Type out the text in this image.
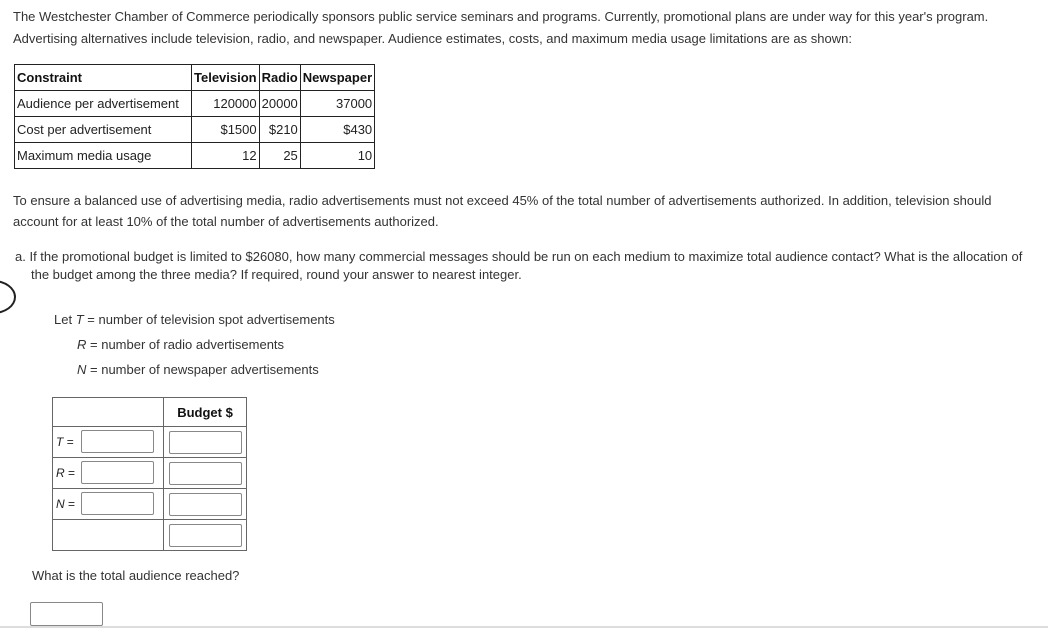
The Westchester Chamber of Commerce periodically sponsors public service seminars and programs. Currently, promotional plans are under way for this year's program. Advertising alternatives include television, radio, and newspaper. Audience estimates, costs, and maximum media usage limitations are as shown:

Constraint	Television	Radio	Newspaper
Audience per advertisement	120000	20000	37000
Cost per advertisement	$1500	$210	$430
Maximum media usage	12	25	10

To ensure a balanced use of advertising media, radio advertisements must not exceed 45% of the total number of advertisements authorized. In addition, television should account for at least 10% of the total number of advertisements authorized.

a. If the promotional budget is limited to $26080, how many commercial messages should be run on each medium to maximize total audience contact? What is the allocation of the budget among the three media? If required, round your answer to nearest integer.

Let T = number of television spot advertisements
R = number of radio advertisements
N = number of newspaper advertisements
	Budget $

T =

R =

N =

What is the total audience reached?
